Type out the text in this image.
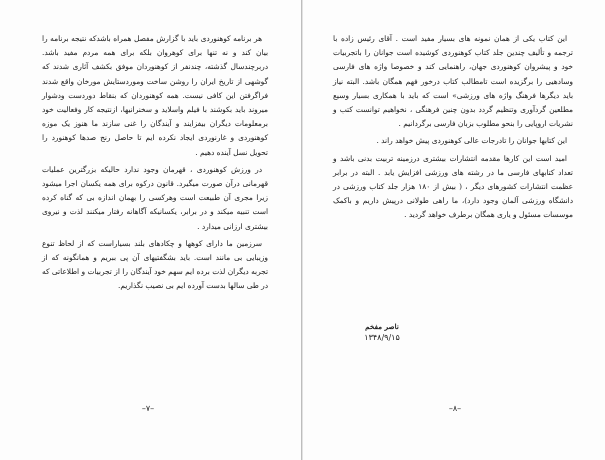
هر برنامه کوهنوردی باید با گزارش مفصل همراه باشدکه نتیجه برنامه را بیان کند و نه تنها برای کوهروان بلکه برای همه مردم مفید باشد. دربرچندسال گذشته، چندنفر از کوهنوردان موفق بکشف آثاری شدند که گوشهی از تاریخ ایران را روشن ساخت وموردستایش مورخان واقع شدند فراگرفتن این کافی نیست. همه کوهنوردان که بنقاط دوردست ودشوار میروند باید بکوشند با فیلم واسلاید و سخنرانیها، ازنتیجه کار وفعالیت خود برمعلومات دیگران بیفزایند و آیندگان را غنی سازند ما هنوز یک موزه کوهنوردی و غارنوردی ایجاد نکرده ایم تا حاصل رنج صدها کوهنورد را تحویل نسل آینده دهیم .

در ورزش کوهنوردی ، قهرمان وجود ندارد حالیکه بزرگترین عملیات قهرمانی درآن صورت میگیرد. قانون درکوه برای همه یکسان اجرا میشود زیرا مجری آن طبیعت است وهرکسی را بهمان اندازه بی که گناه کرده است تنبیه میکند و در برابر، یکسانیکه آگاهانه رفتار میکنند لذت و نیروی بیشتری ارزانی میدارد .

سرزمین ما دارای کوهها و چکادهای بلند بسیاراست که از لحاظ تنوع وزیبایی بی مانند است. باید بشگفتیهای آن پی ببریم و همانگونه که از تجربه دیگران لذت برده ایم سهم خود آیندگان را از تجربیات و اطلاعاتی که در طی سالها بدست آورده ایم بی نصیب نگذاریم.

–۷–

این کتاب یکی از همان نمونه های بسیار مفید است . آقای رئیس زاده با ترجمه و تألیف چندین جلد کتاب کوهنوردی کوشیده است جوانان را باتجربیات خود و پیشروان کوهنوردی جهان، راهنمایی کند و خصوصا واژه های فارسی وسادهیی را برگزیده است تامطالب کتاب درخور فهم همگان باشد. البته نیاز باید دیگرها فرهنگ واژه های ورزشی» است که باید با همکاری بسیار وسیع مطلعین گردآوری وتنظیم گردد بدون چنین فرهنگی ، نخواهیم توانست کتب و نشریات اروپایی را بنحو مطلوب بزبان فارسی برگردانیم .

این کتابها جوانان را تادرجات عالی کوهنوردی پیش خواهد راند .

امید است این کارها مقدمه انتشارات بیشتری درزمینه تربیت بدنی باشد و تعداد کتابهای فارسی ما در رشته های ورزشی افزایش یابد . البته در برابر عظمت انتشارات کشورهای دیگر ، ( بیش از ۱۸۰ هزار جلد کتاب ورزشی در دانشگاه ورزشی آلمان وجود دارد)، ما راهی طولانی درپیش داریم و باکمک موسسات مسئول و یاری همگان برطرف خواهد گردید .

ناصر مفخم
۱۳۴۸/۹/۱۵
–۸–
